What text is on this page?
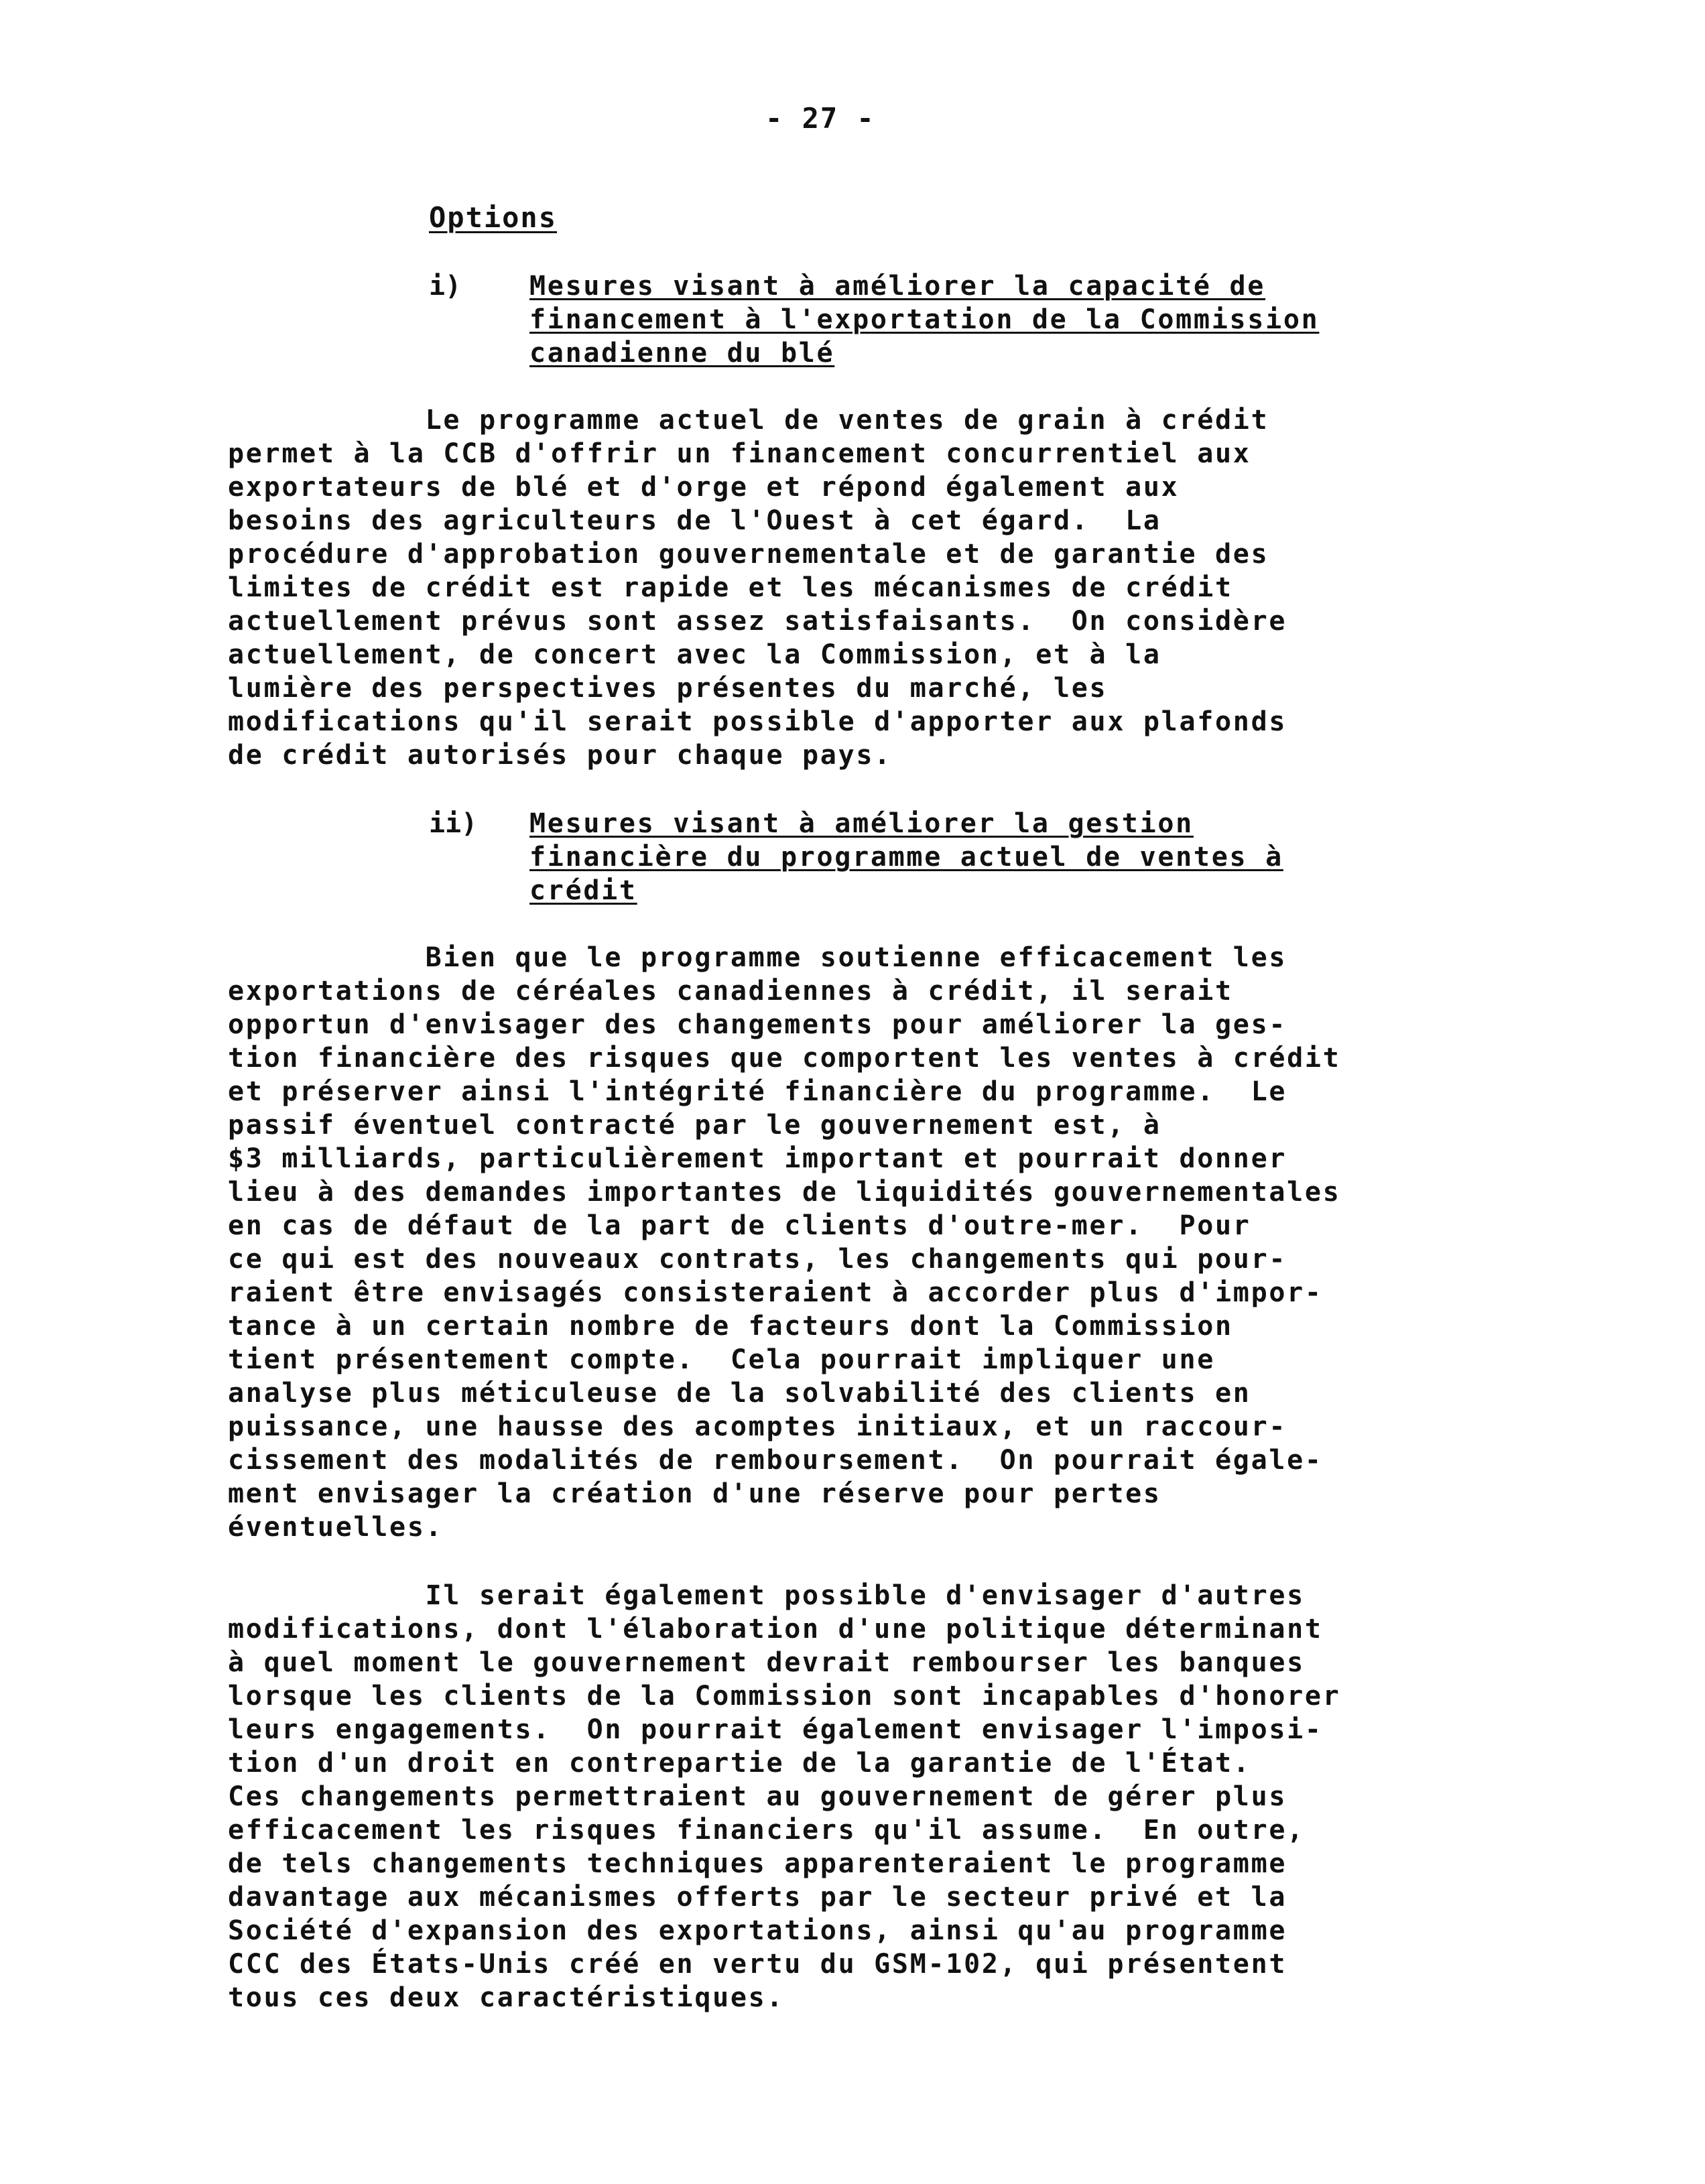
- 27 -
Options
i)	Mesures visant à améliorer la capacité de
financement à l'exportation de la Commission
canadienne du blé
Le programme actuel de ventes de grain à crédit
permet à la CCB d'offrir un financement concurrentiel aux
exportateurs de blé et d'orge et répond également aux
besoins des agriculteurs de l'Ouest à cet égard.  La
procédure d'approbation gouvernementale et de garantie des
limites de crédit est rapide et les mécanismes de crédit
actuellement prévus sont assez satisfaisants.  On considère
actuellement, de concert avec la Commission, et à la
lumière des perspectives présentes du marché, les
modifications qu'il serait possible d'apporter aux plafonds
de crédit autorisés pour chaque pays.
ii) Mesures visant à améliorer la gestion
financière du programme actuel de ventes à
crédit
Bien que le programme soutienne efficacement les
exportations de céréales canadiennes à crédit, il serait
opportun d'envisager des changements pour améliorer la ges-
tion financière des risques que comportent les ventes à crédit
et préserver ainsi l'intégrité financière du programme.  Le
passif éventuel contracté par le gouvernement est, à
$3 milliards, particulièrement important et pourrait donner
lieu à des demandes importantes de liquidités gouvernementales
en cas de défaut de la part de clients d'outre-mer.  Pour
ce qui est des nouveaux contrats, les changements qui pour-
raient être envisagés consisteraient à accorder plus d'impor-
tance à un certain nombre de facteurs dont la Commission
tient présentement compte.  Cela pourrait impliquer une
analyse plus méticuleuse de la solvabilité des clients en
puissance, une hausse des acomptes initiaux, et un raccour-
cissement des modalités de remboursement.  On pourrait égale-
ment envisager la création d'une réserve pour pertes
éventuelles.
Il serait également possible d'envisager d'autres
modifications, dont l'élaboration d'une politique déterminant
à quel moment le gouvernement devrait rembourser les banques
lorsque les clients de la Commission sont incapables d'honorer
leurs engagements.  On pourrait également envisager l'imposi-
tion d'un droit en contrepartie de la garantie de l'État.
Ces changements permettraient au gouvernement de gérer plus
efficacement les risques financiers qu'il assume.  En outre,
de tels changements techniques apparenteraient le programme
davantage aux mécanismes offerts par le secteur privé et la
Société d'expansion des exportations, ainsi qu'au programme
CCC des États-Unis créé en vertu du GSM-102, qui présentent
tous ces deux caractéristiques.
